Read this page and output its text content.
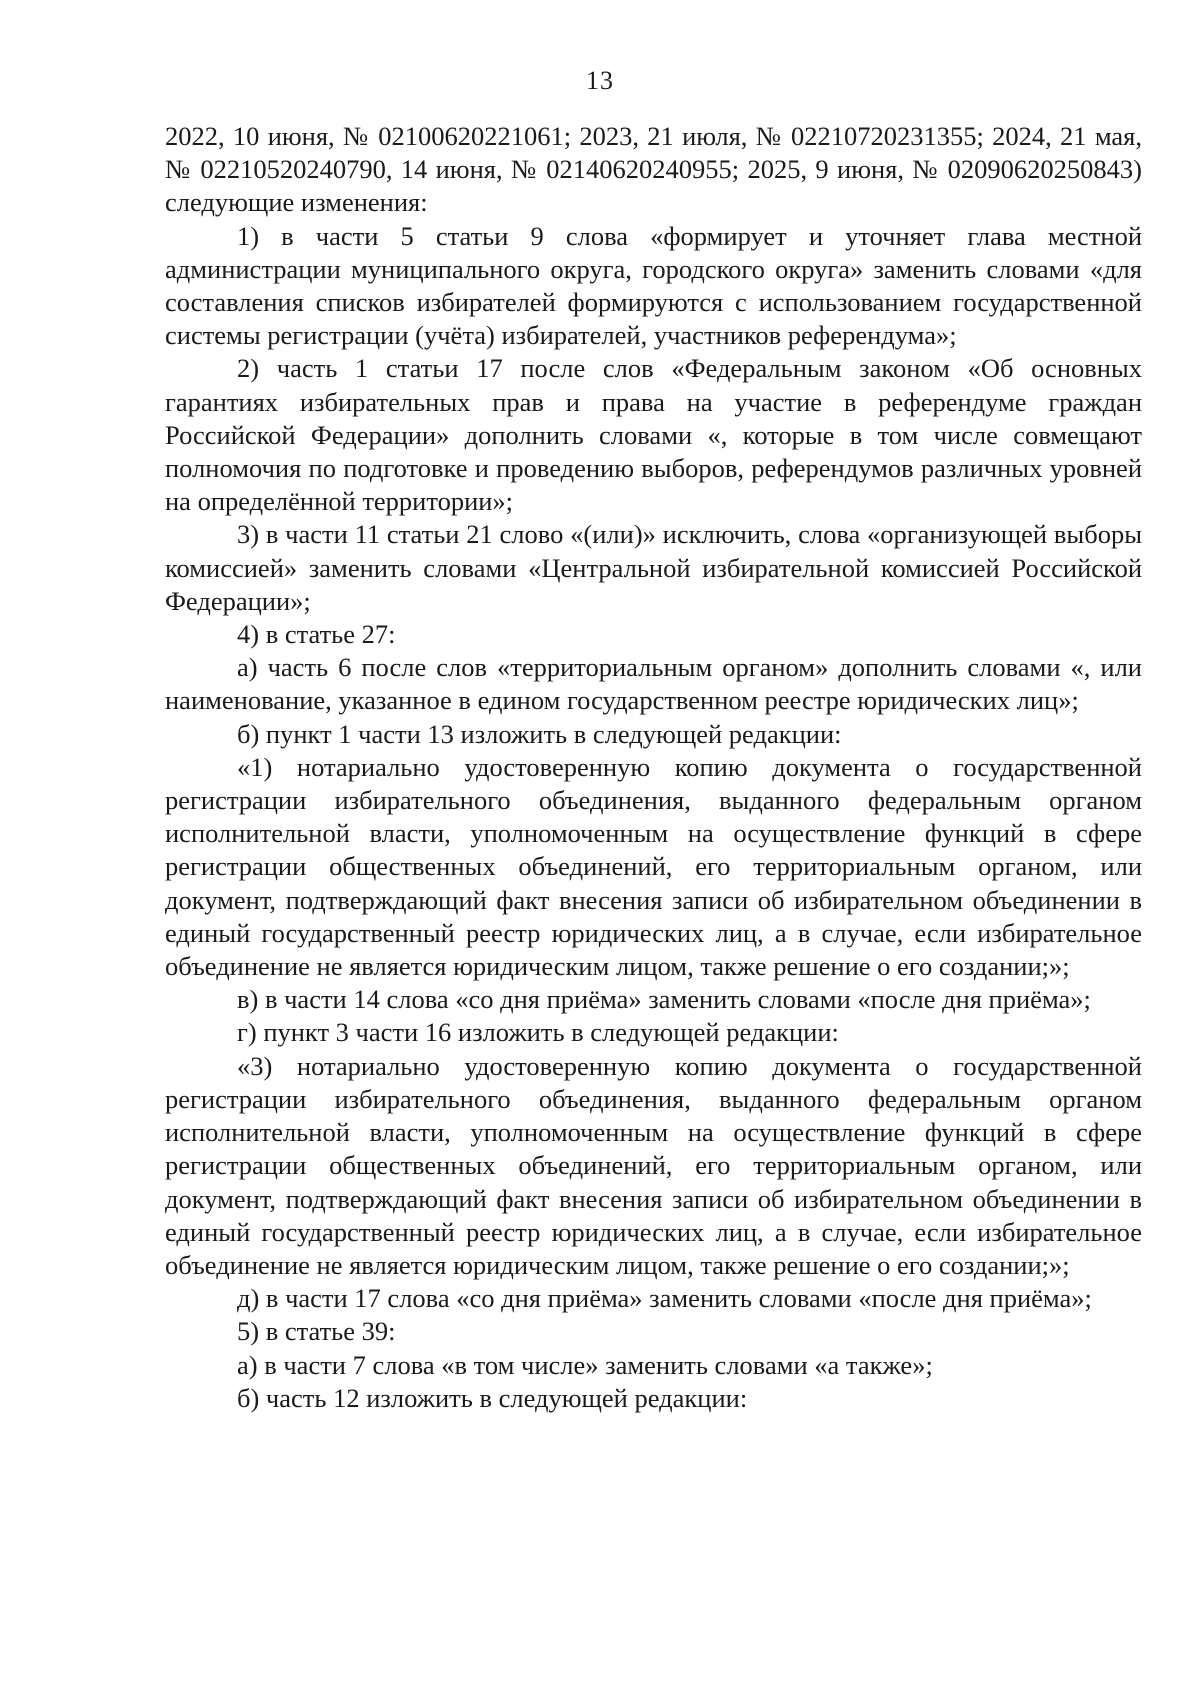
13

2022, 10 июня, № 02100620221061; 2023, 21 июля, № 02210720231355; 2024, 21 мая, № 02210520240790, 14 июня, № 02140620240955; 2025, 9 июня, № 02090620250843) следующие изменения:

1) в части 5 статьи 9 слова «формирует и уточняет глава местной администрации муниципального округа, городского округа» заменить словами «для составления списков избирателей формируются с использованием государственной системы регистрации (учёта) избирателей, участников референдума»;

2) часть 1 статьи 17 после слов «Федеральным законом «Об основных гарантиях избирательных прав и права на участие в референдуме граждан Российской Федерации» дополнить словами «, которые в том числе совмещают полномочия по подготовке и проведению выборов, референдумов различных уровней на определённой территории»;

3) в части 11 статьи 21 слово «(или)» исключить, слова «организующей выборы комиссией» заменить словами «Центральной избирательной комиссией Российской Федерации»;

4) в статье 27:

а) часть 6 после слов «территориальным органом» дополнить словами «, или наименование, указанное в едином государственном реестре юридических лиц»;

б) пункт 1 части 13 изложить в следующей редакции:

«1) нотариально удостоверенную копию документа о государственной регистрации избирательного объединения, выданного федеральным органом исполнительной власти, уполномоченным на осуществление функций в сфере регистрации общественных объединений, его территориальным органом, или документ, подтверждающий факт внесения записи об избирательном объединении в единый государственный реестр юридических лиц, а в случае, если избирательное объединение не является юридическим лицом, также решение о его создании;»;

в) в части 14 слова «со дня приёма» заменить словами «после дня приёма»;

г) пункт 3 части 16 изложить в следующей редакции:

«3) нотариально удостоверенную копию документа о государственной регистрации избирательного объединения, выданного федеральным органом исполнительной власти, уполномоченным на осуществление функций в сфере регистрации общественных объединений, его территориальным органом, или документ, подтверждающий факт внесения записи об избирательном объединении в единый государственный реестр юридических лиц, а в случае, если избирательное объединение не является юридическим лицом, также решение о его создании;»;

д) в части 17 слова «со дня приёма» заменить словами «после дня приёма»;

5) в статье 39:

а) в части 7 слова «в том числе» заменить словами «а также»;

б) часть 12 изложить в следующей редакции:
